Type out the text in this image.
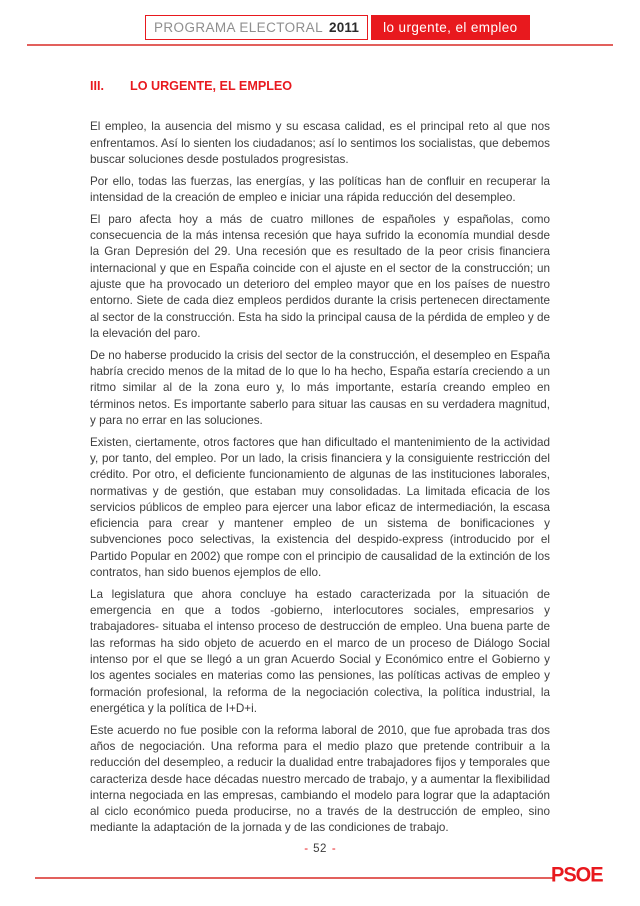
PROGRAMA ELECTORAL 2011 lo urgente, el empleo
III.	LO URGENTE, EL EMPLEO

El empleo, la ausencia del mismo y su escasa calidad, es el principal reto al que nos enfrentamos. Así lo sienten los ciudadanos; así lo sentimos los socialistas, que debemos buscar soluciones desde postulados progresistas.

Por ello, todas las fuerzas, las energías, y las políticas han de confluir en recuperar la intensidad de la creación de empleo e iniciar una rápida reducción del desempleo.

El paro afecta hoy a más de cuatro millones de españoles y españolas, como consecuencia de la más intensa recesión que haya sufrido la economía mundial desde la Gran Depresión del 29. Una recesión que es resultado de la peor crisis financiera internacional y que en España coincide con el ajuste en el sector de la construcción; un ajuste que ha provocado un deterioro del empleo mayor que en los países de nuestro entorno. Siete de cada diez empleos perdidos durante la crisis pertenecen directamente al sector de la construcción. Esta ha sido la principal causa de la pérdida de empleo y de la elevación del paro.

De no haberse producido la crisis del sector de la construcción, el desempleo en España habría crecido menos de la mitad de lo que lo ha hecho, España estaría creciendo a un ritmo similar al de la zona euro y, lo más importante, estaría creando empleo en términos netos. Es importante saberlo para situar las causas en su verdadera magnitud, y para no errar en las soluciones.

Existen, ciertamente, otros factores que han dificultado el mantenimiento de la actividad y, por tanto, del empleo. Por un lado, la crisis financiera y la consiguiente restricción del crédito. Por otro, el deficiente funcionamiento de algunas de las instituciones laborales, normativas y de gestión, que estaban muy consolidadas. La limitada eficacia de los servicios públicos de empleo para ejercer una labor eficaz de intermediación, la escasa eficiencia para crear y mantener empleo de un sistema de bonificaciones y subvenciones poco selectivas, la existencia del despido-express (introducido por el Partido Popular en 2002) que rompe con el principio de causalidad de la extinción de los contratos, han sido buenos ejemplos de ello.

La legislatura que ahora concluye ha estado caracterizada por la situación de emergencia en que a todos -gobierno, interlocutores sociales, empresarios y trabajadores- situaba el intenso proceso de destrucción de empleo. Una buena parte de las reformas ha sido objeto de acuerdo en el marco de un proceso de Diálogo Social intenso por el que se llegó a un gran Acuerdo Social y Económico entre el Gobierno y los agentes sociales en materias como las pensiones, las políticas activas de empleo y formación profesional, la reforma de la negociación colectiva, la política industrial, la energética y la política de I+D+i.

Este acuerdo no fue posible con la reforma laboral de 2010, que fue aprobada tras dos años de negociación. Una reforma para el medio plazo que pretende contribuir a la reducción del desempleo, a reducir la dualidad entre trabajadores fijos y temporales que caracteriza desde hace décadas nuestro mercado de trabajo, y a aumentar la flexibilidad interna negociada en las empresas, cambiando el modelo para lograr que la adaptación al ciclo económico pueda producirse, no a través de la destrucción de empleo, sino mediante la adaptación de la jornada y de las condiciones de trabajo.

- 52 -
PSOE
